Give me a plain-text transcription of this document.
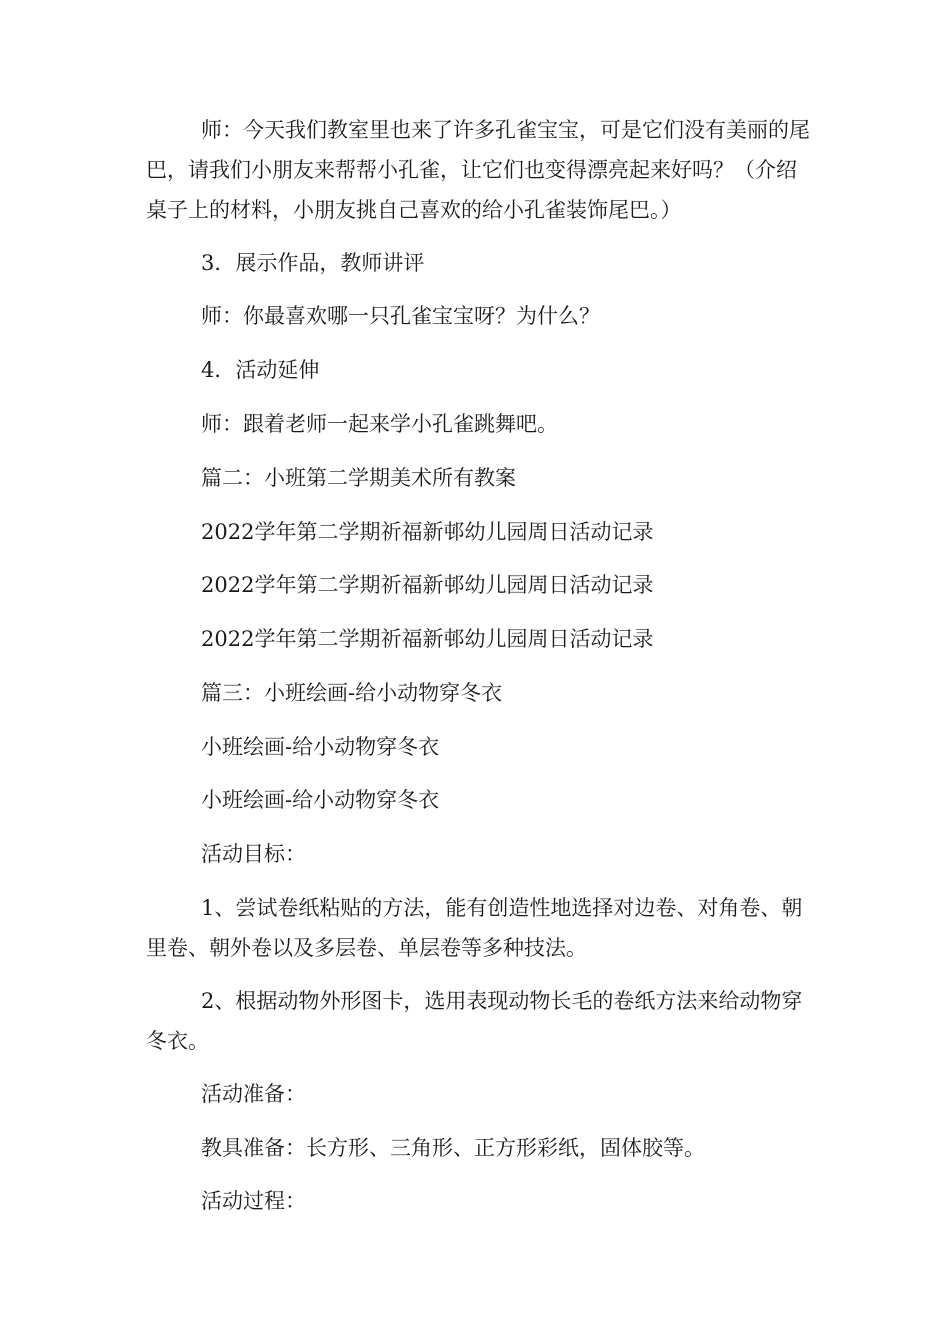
师：今天我们教室里也来了许多孔雀宝宝，可是它们没有美丽的尾巴，请我们小朋友来帮帮小孔雀，让它们也变得漂亮起来好吗？（介绍桌子上的材料，小朋友挑自己喜欢的给小孔雀装饰尾巴。）

3．展示作品，教师讲评

师：你最喜欢哪一只孔雀宝宝呀？为什么？

4．活动延伸

师：跟着老师一起来学小孔雀跳舞吧。

篇二：小班第二学期美术所有教案

2022学年第二学期祈福新邨幼儿园周日活动记录

2022学年第二学期祈福新邨幼儿园周日活动记录

2022学年第二学期祈福新邨幼儿园周日活动记录

篇三：小班绘画-给小动物穿冬衣

小班绘画-给小动物穿冬衣

小班绘画-给小动物穿冬衣

活动目标：

1、尝试卷纸粘贴的方法，能有创造性地选择对边卷、对角卷、朝里卷、朝外卷以及多层卷、单层卷等多种技法。

2、根据动物外形图卡，选用表现动物长毛的卷纸方法来给动物穿冬衣。

活动准备：

教具准备：长方形、三角形、正方形彩纸，固体胶等。

活动过程：
